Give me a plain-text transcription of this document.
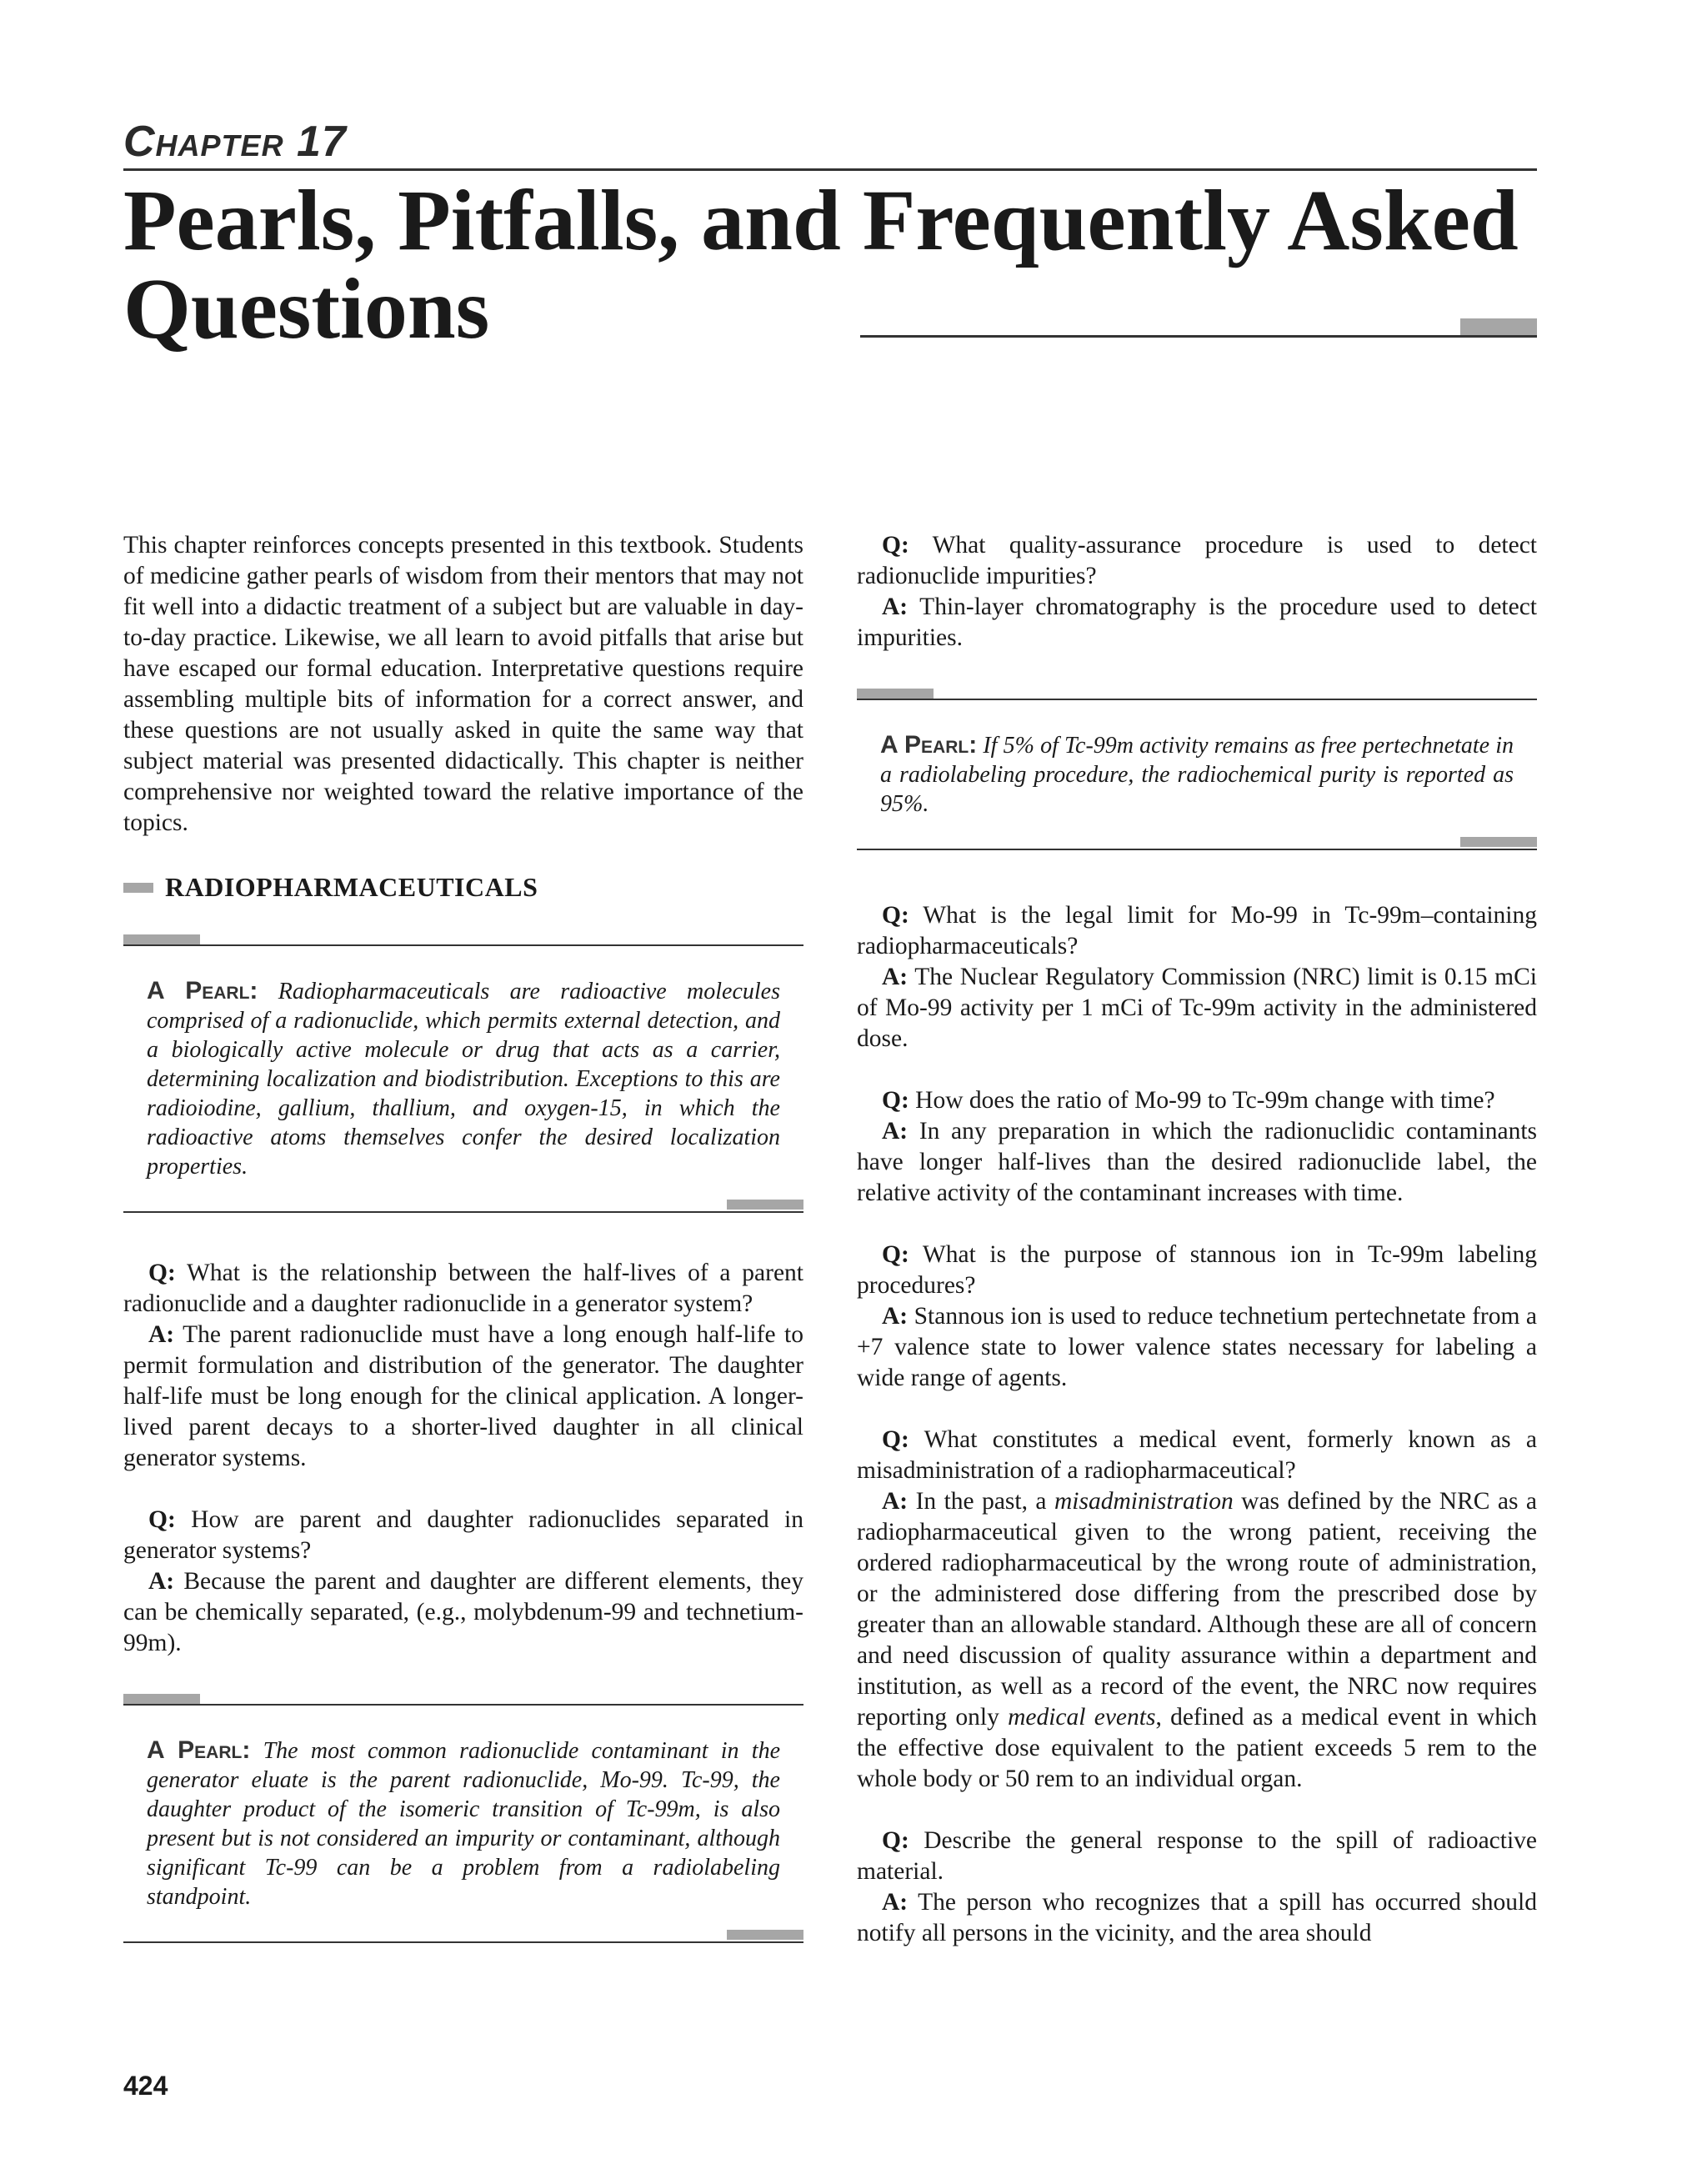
Chapter 17
Pearls, Pitfalls, and Frequently Asked Questions

This chapter reinforces concepts presented in this textbook. Students of medicine gather pearls of wisdom from their mentors that may not fit well into a didactic treatment of a subject but are valuable in day-to-day practice. Likewise, we all learn to avoid pitfalls that arise but have escaped our formal education. Interpretative questions require assembling multiple bits of information for a correct answer, and these questions are not usually asked in quite the same way that subject material was presented didactically. This chapter is neither comprehensive nor weighted toward the relative importance of the topics.

RADIOPHARMACEUTICALS

A Pearl: Radiopharmaceuticals are radioactive molecules comprised of a radionuclide, which permits external detection, and a biologically active molecule or drug that acts as a carrier, determining localization and biodistribution. Exceptions to this are radioiodine, gallium, thallium, and oxygen-15, in which the radioactive atoms themselves confer the desired localization properties.

Q: What is the relationship between the half-lives of a parent radionuclide and a daughter radionuclide in a generator system?

A: The parent radionuclide must have a long enough half-life to permit formulation and distribution of the generator. The daughter half-life must be long enough for the clinical application. A longer-lived parent decays to a shorter-lived daughter in all clinical generator systems.

Q: How are parent and daughter radionuclides separated in generator systems?

A: Because the parent and daughter are different elements, they can be chemically separated, (e.g., molybdenum-99 and technetium-99m).

A Pearl: The most common radionuclide contaminant in the generator eluate is the parent radionuclide, Mo-99. Tc-99, the daughter product of the isomeric transition of Tc-99m, is also present but is not considered an impurity or contaminant, although significant Tc-99 can be a problem from a radiolabeling standpoint.

Q: What quality-assurance procedure is used to detect radionuclide impurities?

A: Thin-layer chromatography is the procedure used to detect impurities.

A Pearl: If 5% of Tc-99m activity remains as free pertechnetate in a radiolabeling procedure, the radiochemical purity is reported as 95%.

Q: What is the legal limit for Mo-99 in Tc-99m–containing radiopharmaceuticals?

A: The Nuclear Regulatory Commission (NRC) limit is 0.15 mCi of Mo-99 activity per 1 mCi of Tc-99m activity in the administered dose.

Q: How does the ratio of Mo-99 to Tc-99m change with time?

A: In any preparation in which the radionuclidic contaminants have longer half-lives than the desired radionuclide label, the relative activity of the contaminant increases with time.

Q: What is the purpose of stannous ion in Tc-99m labeling procedures?

A: Stannous ion is used to reduce technetium pertechnetate from a +7 valence state to lower valence states necessary for labeling a wide range of agents.

Q: What constitutes a medical event, formerly known as a misadministration of a radiopharmaceutical?

A: In the past, a misadministration was defined by the NRC as a radiopharmaceutical given to the wrong patient, receiving the ordered radiopharmaceutical by the wrong route of administration, or the administered dose differing from the prescribed dose by greater than an allowable standard. Although these are all of concern and need discussion of quality assurance within a department and institution, as well as a record of the event, the NRC now requires reporting only medical events, defined as a medical event in which the effective dose equivalent to the patient exceeds 5 rem to the whole body or 50 rem to an individual organ.

Q: Describe the general response to the spill of radioactive material.

A: The person who recognizes that a spill has occurred should notify all persons in the vicinity, and the area should

424
